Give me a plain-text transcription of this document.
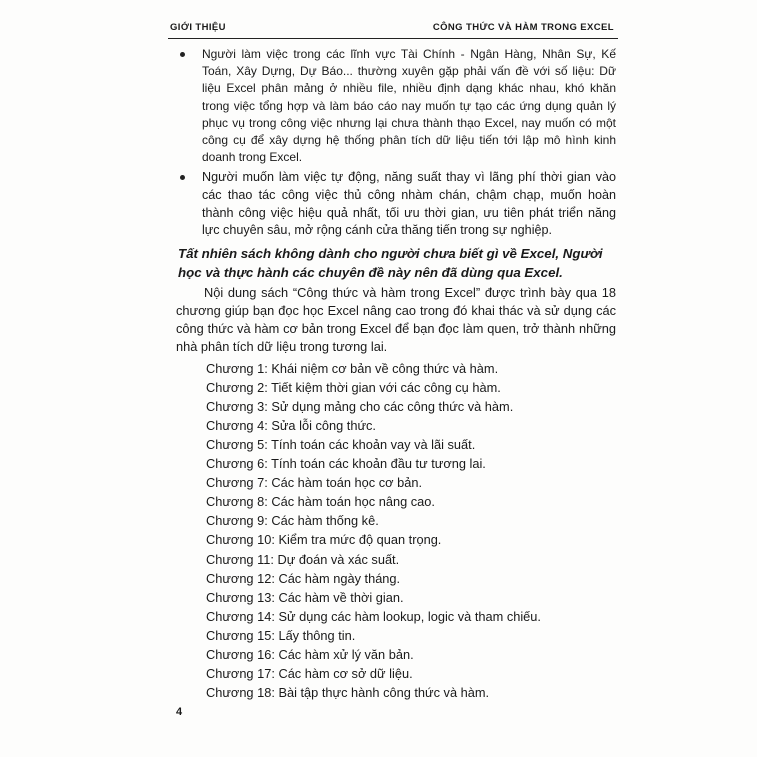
GIỚI THIỆU	CÔNG THỨC VÀ HÀM TRONG EXCEL
Người làm việc trong các lĩnh vực Tài Chính - Ngân Hàng, Nhân Sự, Kế Toán, Xây Dựng, Dự Báo... thường xuyên gặp phải vấn đề với số liệu: Dữ liệu Excel phân mảng ở nhiều file, nhiều định dạng khác nhau, khó khăn trong việc tổng hợp và làm báo cáo nay muốn tự tạo các ứng dụng quản lý phục vụ trong công việc nhưng lại chưa thành thạo Excel, nay muốn có một công cụ để xây dựng hệ thống phân tích dữ liệu tiến tới lập mô hình kinh doanh trong Excel.
Người muốn làm việc tự động, năng suất thay vì lãng phí thời gian vào các thao tác công việc thủ công nhàm chán, chậm chạp, muốn hoàn thành công việc hiệu quả nhất, tối ưu thời gian, ưu tiên phát triển năng lực chuyên sâu, mở rộng cánh cửa thăng tiến trong sự nghiệp.
Tất nhiên sách không dành cho người chưa biết gì về Excel, Người học và thực hành các chuyên đề này nên đã dùng qua Excel.
Nội dung sách “Công thức và hàm trong Excel” được trình bày qua 18 chương giúp bạn đọc học Excel nâng cao trong đó khai thác và sử dụng các công thức và hàm cơ bản trong Excel để bạn đọc làm quen, trở thành những nhà phân tích dữ liệu trong tương lai.
Chương 1: Khái niệm cơ bản về công thức và hàm.
Chương 2: Tiết kiệm thời gian với các công cụ hàm.
Chương 3: Sử dụng mảng cho các công thức và hàm.
Chương 4: Sửa lỗi công thức.
Chương 5: Tính toán các khoản vay và lãi suất.
Chương 6: Tính toán các khoản đầu tư tương lai.
Chương 7: Các hàm toán học cơ bản.
Chương 8: Các hàm toán học nâng cao.
Chương 9: Các hàm thống kê.
Chương 10: Kiểm tra mức độ quan trọng.
Chương 11: Dự đoán và xác suất.
Chương 12: Các hàm ngày tháng.
Chương 13: Các hàm về thời gian.
Chương 14: Sử dụng các hàm lookup, logic và tham chiếu.
Chương 15: Lấy thông tin.
Chương 16: Các hàm xử lý văn bản.
Chương 17: Các hàm cơ sở dữ liệu.
Chương 18: Bài tập thực hành công thức và hàm.
4
